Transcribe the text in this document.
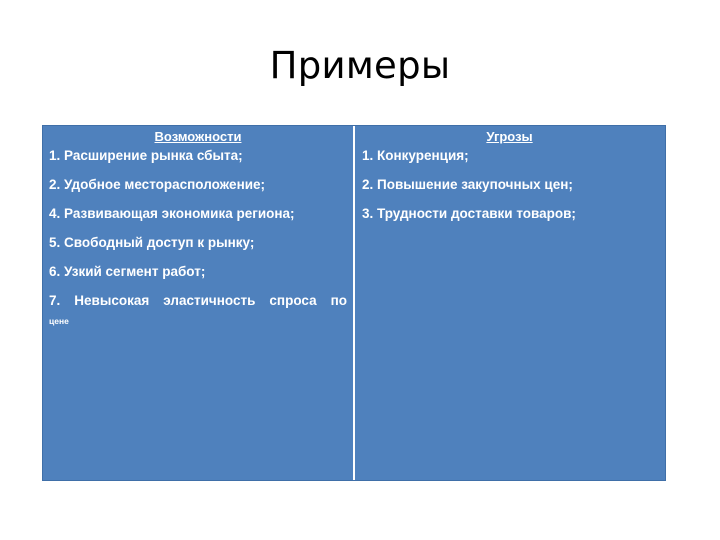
Примеры
Возможности
1. Расширение рынка сбыта;
2. Удобное месторасположение;
4. Развивающая экономика региона;
5. Свободный доступ к рынку;
6. Узкий сегмент работ;
7. Невысокая эластичность спроса по
цене
Угрозы
1. Конкуренция;
2. Повышение закупочных цен;
3. Трудности доставки товаров;
